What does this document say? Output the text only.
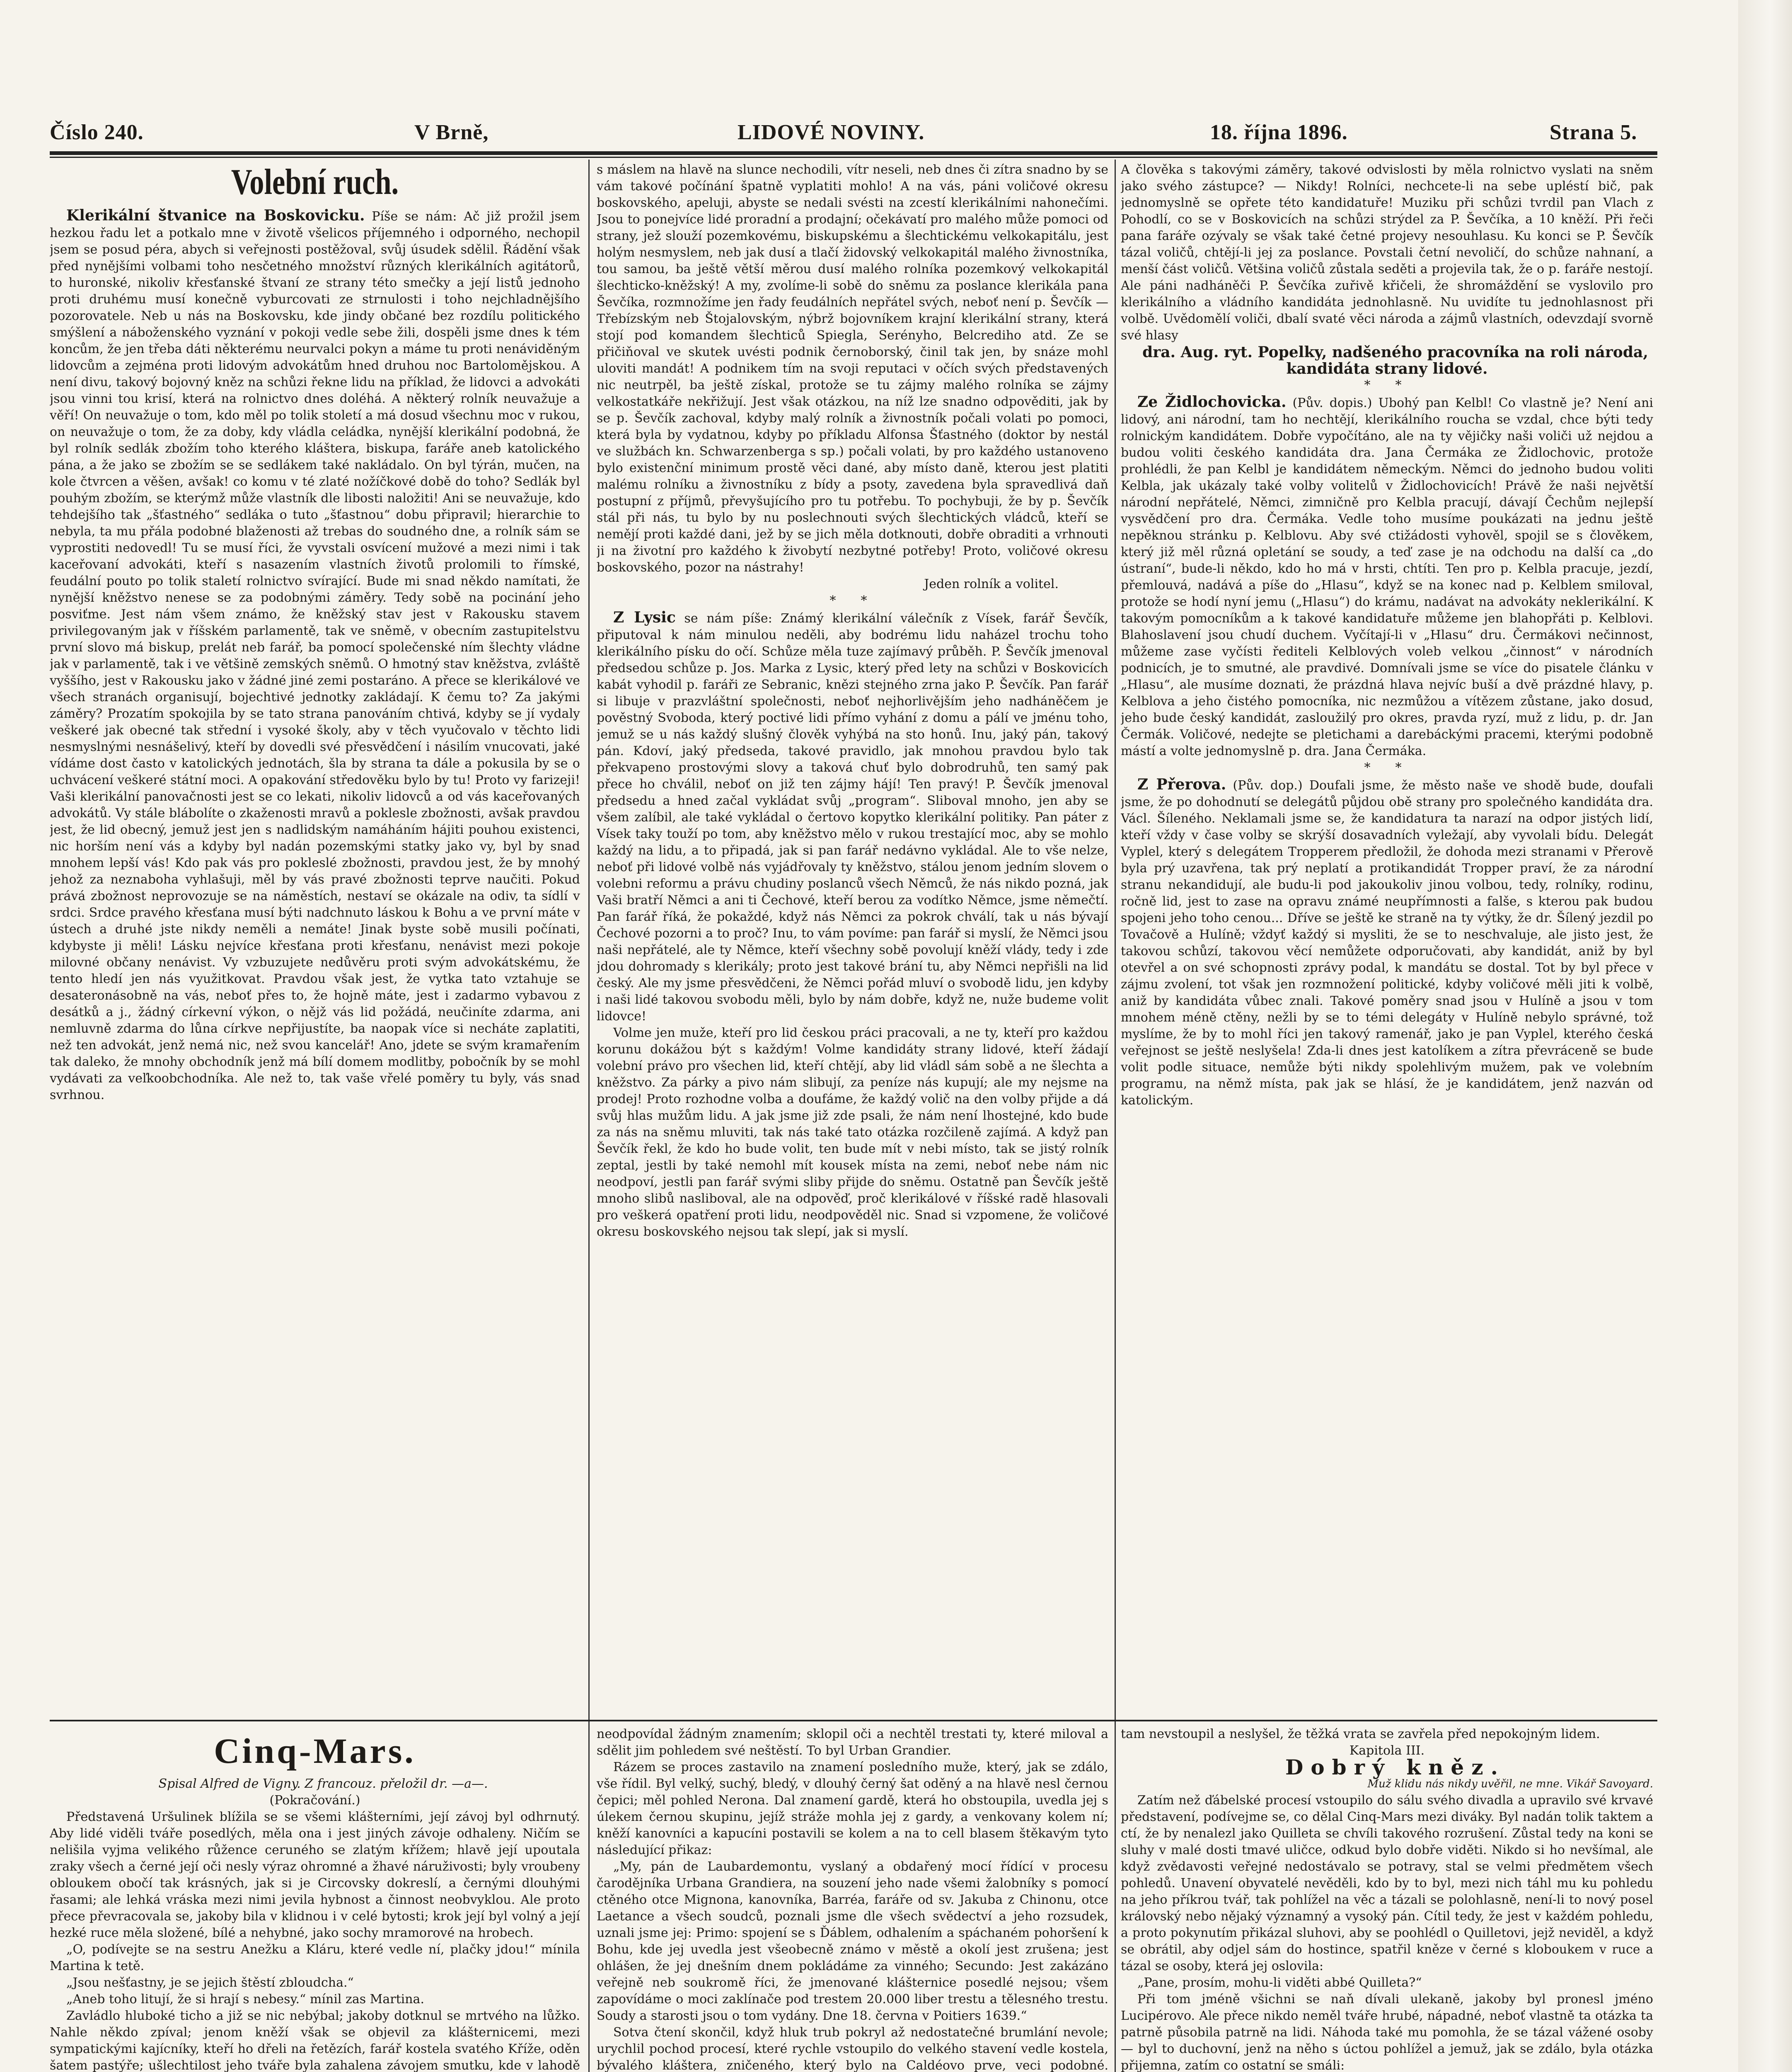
Číslo 240.	V Brně,	LIDOVÉ NOVINY.	18. října 1896.	Strana 5.
Volební ruch.

Klerikální štvanice na Boskovicku. Píše se nám: Ač již prožil jsem hezkou řadu let a potkalo mne v životě všelicos příjemného i odporného, nechopil jsem se posud péra, abych si veřejnosti postěžoval, svůj úsudek sdělil. Řádění však před nynějšími volbami toho nesčetného množství různých klerikálních agitátorů, to huronské, nikoliv křesťanské štvaní ze strany této smečky a její listů jednoho proti druhému musí konečně vyburcovati ze strnulosti i toho nejchladnějšího pozorovatele. Neb u nás na Boskovsku, kde jindy občané bez rozdílu politického smýšlení a náboženského vyznání v pokoji vedle sebe žili, dospěli jsme dnes k tém koncům, že jen třeba dáti některému neurvalci pokyn a máme tu proti nenáviděným lidovcům a zejména proti lidovým advokátům hned druhou noc Bartolomějskou. A není divu, takový bojovný kněz na schůzi řekne lidu na příklad, že lidovci a advokáti jsou vinni tou krisí, která na rolnictvo dnes doléhá. A některý rolník neuvažuje a věří! On neuvažuje o tom, kdo měl po tolik století a má dosud všechnu moc v rukou, on neuvažuje o tom, že za doby, kdy vládla celádka, nynější klerikální podobná, že byl rolník sedlák zbožím toho kterého kláštera, biskupa, faráře aneb katolického pána, a že jako se zbožím se se sedlákem také nakládalo. On byl týrán, mučen, na kole čtvrcen a věšen, avšak! co komu v té zlaté nožíčkové době do toho? Sedlák byl pouhým zbožím, se kterýmž může vlastník dle libosti naložiti! Ani se neuvažuje, kdo tehdejšího tak „šťastného“ sedláka o tuto „šťastnou“ dobu připravil; hierarchie to nebyla, ta mu přála podobné blaženosti až trebas do soudného dne, a rolník sám se vyprostiti nedovedl! Tu se musí říci, že vyvstali osvícení mužové a mezi nimi i tak kaceřovaní advokáti, kteří s nasazením vlastních životů prolomili to římské, feudální pouto po tolik staletí rolnictvo svírající. Bude mi snad někdo namítati, že nynější kněžstvo nenese se za podobnými záměry. Tedy sobě na pocinání jeho posviťme. Jest nám všem známo, že kněžský stav jest v Rakousku stavem privilegovaným jak v říšském parlamentě, tak ve sněmě, v obecním zastupitelstvu první slovo má biskup, prelát neb farář, ba pomocí společenské ním šlechty vládne jak v parlamentě, tak i ve většině zemských sněmů. O hmotný stav kněžstva, zvláště vyššího, jest v Rakousku jako v žádné jiné zemi postaráno. A přece se klerikálové ve všech stranách organisují, bojechtivé jednotky zakládají. K čemu to? Za jakými záměry? Prozatím spokojila by se tato strana panováním chtivá, kdyby se jí vydaly veškeré jak obecné tak střední i vysoké školy, aby v těch vyučovalo v těchto lidi nesmyslnými nesnášelivý, kteří by dovedli své přesvědčení i násilím vnucovati, jaké vídáme dost často v katolických jednotách, šla by strana ta dále a pokusila by se o uchvácení veškeré státní moci. A opakování středověku bylo by tu! Proto vy farizeji! Vaši klerikální panovačnosti jest se co lekati, nikoliv lidovců a od vás kaceřovaných advokátů. Vy stále blábolíte o zkaženosti mravů a poklesle zbožnosti, avšak pravdou jest, že lid obecný, jemuž jest jen s nadlidským namáháním hájiti pouhou existenci, nic horším není vás a kdyby byl nadán pozemskými statky jako vy, byl by snad mnohem lepší vás! Kdo pak vás pro pokleslé zbožnosti, pravdou jest, že by mnohý jehož za neznaboha vyhlašuji, měl by vás pravé zbožnosti teprve naučiti. Pokud prává zbožnost neprovozuje se na náměstích, nestaví se okázale na odiv, ta sídlí v srdci. Srdce pravého křesťana musí býti nadchnuto láskou k Bohu a ve první máte v ústech a druhé jste nikdy neměli a nemáte! Jinak byste sobě musili počínati, kdybyste ji měli! Lásku nejvíce křesťana proti křesťanu, nenávist mezi pokoje milovné občany nenávist. Vy vzbuzujete nedůvěru proti svým advokátskému, že tento hledí jen nás využitkovat. Pravdou však jest, že vytka tato vztahuje se desateronásobně na vás, neboť přes to, že hojně máte, jest i zadarmo vybavou z desátků a j., žádný církevní výkon, o nějž vás lid požádá, neučiníte zdarma, ani nemluvně zdarma do lůna církve nepřijustíte, ba naopak více si necháte zaplatiti, než ten advokát, jenž nemá nic, než svou kancelář! Ano, jdete se svým kramařením tak daleko, že mnohy obchodník jenž má bílí domem modlitby, pobočník by se mohl vydávati za veľkoobchodníka. Ale než to, tak vaše vřelé poměry tu byly, vás snad svrhnou.

Cinq-Mars.

Spisal Alfred de Vigny. Z francouz. přeložil dr. —a—.

(Pokračování.)

Představená Uršulinek blížila se se všemi klášterními, její závoj byl odhrnutý. Aby lidé viděli tváře posedlých, měla ona i jest jiných závoje odhaleny. Ničím se nelišila vyjma velikého růžence ceruného se zlatým křížem; hlavě její upoutala zraky všech a černé její oči nesly výraz ohromné a žhavé náruživosti; byly vroubeny obloukem obočí tak krásných, jak si je Circovsky dokreslí, a černými dlouhými řasami; ale lehká vráska mezi nimi jevila hybnost a činnost neobvyklou. Ale proto přece převracovala se, jakoby bila v klidnou i v celé bytosti; krok její byl volný a její hezké ruce měla složené, bílé a nehybné, jako sochy mramorové na hrobech.

„O, podívejte se na sestru Anežku a Kláru, které vedle ní, plačky jdou!“ mínila Martina k tetě.

„Jsou nešťastny, je se jejich štěstí zbloudcha.“

„Aneb toho litují, že si hrají s nebesy.“ mínil zas Martina.

Zavládlo hluboké ticho a již se nic nebýbal; jakoby dotknul se mrtvého na lůžko. Nahle někdo zpíval; jenom kněží však se objevil za klášternicemi, mezi sympatickými kajícníky, kteří ho dřeli na řetězích, farář kostela svatého Kříže, oděn šatem pastýře; ušlechtilost jeho tváře byla zahalena závojem smutku, kde v lahodě

s máslem na hlavě na slunce nechodili, vítr neseli, neb dnes či zítra snadno by se vám takové počínání špatně vyplatiti mohlo! A na vás, páni voličové okresu boskovského, apeluji, abyste se nedali svésti na zcestí klerikálními nahonečími. Jsou to ponejvíce lidé proradní a prodajní; očekávatí pro malého může pomoci od strany, jež slouží pozemkovému, biskupskému a šlechtickému velkokapitálu, jest holým nesmyslem, neb jak dusí a tlačí židovský velkokapitál malého živnostníka, tou samou, ba ještě větší měrou dusí malého rolníka pozemkový velkokapitál šlechticko-kněžský! A my, zvolíme-li sobě do sněmu za poslance klerikála pana Ševčíka, rozmnožíme jen řady feudálních nepřátel svých, neboť není p. Ševčík — Třebízským neb Štojalovským, nýbrž bojovníkem krajní klerikální strany, která stojí pod komandem šlechticů Spiegla, Serényho, Belcrediho atd. Ze se přičiňoval ve skutek uvésti podnik černoborský, činil tak jen, by snáze mohl uloviti mandát! A podnikem tím na svoji reputaci v očích svých představených nic neutrpěl, ba ještě získal, protože se tu zájmy malého rolníka se zájmy velkostatkáře nekřižují. Jest však otázkou, na níž lze snadno odpověditi, jak by se p. Ševčík zachoval, kdyby malý rolník a živnostník počali volati po pomoci, která byla by vydatnou, kdyby po příkladu Alfonsa Šťastného (doktor by nestál ve službách kn. Schwarzenberga s sp.) počali volati, by pro každého ustanoveno bylo existenční minimum prostě věci dané, aby místo daně, kterou jest platiti malému rolníku a živnostníku z bídy a psoty, zavedena byla spravedlivá daň postupní z příjmů, převyšujícího pro tu potřebu. To pochybuji, že by p. Ševčík stál při nás, tu bylo by nu poslechnouti svých šlechtických vládců, kteří se nemějí proti každé dani, jež by se jich měla dotknouti, dobře obraditi a vrhnouti ji na životní pro každého k živobytí nezbytné potřeby! Proto, voličové okresu boskovského, pozor na nástrahy!

Jeden rolník a volitel.

**

Z Lysic se nám píše: Známý klerikální válečník z Vísek, farář Ševčík, připutoval k nám minulou neděli, aby bodrému lidu naházel trochu toho klerikálního písku do očí. Schůze měla tuze zajímavý průběh. P. Ševčík jmenoval předsedou schůze p. Jos. Marka z Lysic, který před lety na schůzi v Boskovicích kabát vyhodil p. faráři ze Sebranic, knězi stejného zrna jako P. Ševčík. Pan farář si libuje v prazvláštní společnosti, neboť nejhorlivějším jeho nadháněčem je pověstný Svoboda, který poctivé lidi přímo vyhání z domu a pálí ve jménu toho, jemuž se u nás každý slušný člověk vyhýbá na sto honů. Inu, jaký pán, takový pán. Kdoví, jaký předseda, takové pravidlo, jak mnohou pravdou bylo tak překvapeno prostovými slovy a taková chuť bylo dobrodruhů, ten samý pak přece ho chválil, neboť on již ten zájmy hájí! Ten pravý! P. Ševčík jmenoval předsedu a hned začal vykládat svůj „program“. Sliboval mnoho, jen aby se všem zalíbil, ale také vykládal o čertovo kopytko klerikální politiky. Pan páter z Vísek taky touží po tom, aby kněžstvo mělo v rukou trestající moc, aby se mohlo každý na lidu, a to připadá, jak si pan farář nedávno vykládal. Ale to vše nelze, neboť při lidové volbě nás vyjádřovaly ty kněžstvo, stálou jenom jedním slovem o volebni reformu a právu chudiny poslanců všech Němců, že nás nikdo pozná, jak Vaši bratří Němci a ani ti Čechové, kteří berou za vodítko Němce, jsme němečtí. Pan farář říká, že pokaždé, když nás Němci za pokrok chválí, tak u nás bývají Čechové pozorni a to proč? Inu, to vám povíme: pan farář si myslí, že Němci jsou naši nepřátelé, ale ty Němce, kteří všechny sobě povolují kněží vlády, tedy i zde jdou dohromady s klerikály; proto jest takové brání tu, aby Němci nepřišli na lid český. Ale my jsme přesvědčeni, že Němci pořád mluví o svobodě lidu, jen kdyby i naši lidé takovou svobodu měli, bylo by nám dobře, když ne, nuže budeme volit lidovce!

Volme jen muže, kteří pro lid českou práci pracovali, a ne ty, kteří pro každou korunu dokážou být s každým! Volme kandidáty strany lidové, kteří žádají volební právo pro všechen lid, kteří chtějí, aby lid vládl sám sobě a ne šlechta a kněžstvo. Za párky a pivo nám slibují, za peníze nás kupují; ale my nejsme na prodej! Proto rozhodne volba a doufáme, že každý volič na den volby přijde a dá svůj hlas mužům lidu. A jak jsme již zde psali, že nám není lhostejné, kdo bude za nás na sněmu mluviti, tak nás také tato otázka rozčileně zajímá. A když pan Ševčík řekl, že kdo ho bude volit, ten bude mít v nebi místo, tak se jistý rolník zeptal, jestli by také nemohl mít kousek místa na zemi, neboť nebe nám nic neodpoví, jestli pan farář svými sliby přijde do sněmu. Ostatně pan Ševčík ještě mnoho slibů nasliboval, ale na odpověď, proč klerikálové v říšské radě hlasovali pro veškerá opatření proti lidu, neodpověděl nic. Snad si vzpomene, že voličové okresu boskovského nejsou tak slepí, jak si myslí.

neodpovídal žádným znamením; sklopil oči a nechtěl trestati ty, které miloval a sdělit jim pohledem své neštěstí. To byl Urban Grandier.

Rázem se proces zastavilo na znamení posledního muže, který, jak se zdálo, vše řídil. Byl velký, suchý, bledý, v dlouhý černý šat oděný a na hlavě nesl černou čepici; měl pohled Nerona. Dal znamení gardě, která ho obstoupila, uvedla jej s úlekem černou skupinu, jejíž stráže mohla jej z gardy, a venkovany kolem ní; kněží kanovníci a kapucíni postavili se kolem a na to cell blasem štěkavým tyto následující přikaz:

„My, pán de Laubardemontu, vyslaný a obdařený mocí řídící v procesu čarodějníka Urbana Grandiera, na souzení jeho nade všemi žalobníky s pomocí ctěného otce Mignona, kanovníka, Barréa, faráře od sv. Jakuba z Chinonu, otce Laetance a všech soudců, poznali jsme dle všech svědectví a jeho rozsudek, uznali jsme jej: Primo: spojení se s Ďáblem, odhalením a spáchaném pohoršení k Bohu, kde jej uvedla jest všeobecně známo v městě a okolí jest zrušena; jest ohlášen, že jej dnešním dnem pokládáme za vinného; Secundo: Jest zakázáno veřejně neb soukromě říci, že jmenované klášternice posedlé nejsou; všem zapovídáme o moci zaklínače pod trestem 20.000 liber trestu a tělesného trestu. Soudy a starosti jsou o tom vydány. Dne 18. června v Poitiers 1639.“

Sotva čtení skončil, když hluk trub pokryl až nedostatečné brumlání nevole; urychlil pochod procesí, které rychle vstoupilo do velkého stavení vedle kostela, bývalého kláštera, zničeného, který bylo na Caldéovo prve, veci podobné.

A člověka s takovými záměry, takové odvislosti by měla rolnictvo vyslati na sněm jako svého zástupce? — Nikdy! Rolníci, nechcete-li na sebe upléstí bič, pak jednomyslně se opřete této kandidatuře! Muziku při schůzi tvrdil pan Vlach z Pohodlí, co se v Boskovicích na schůzi strýdel za P. Ševčíka, a 10 kněží. Při řeči pana faráře ozývaly se však také četné projevy nesouhlasu. Ku konci se P. Ševčík tázal voličů, chtějí-li jej za poslance. Povstali četní nevoličí, do schůze nahnaní, a menší část voličů. Většina voličů zůstala seděti a projevila tak, že o p. faráře nestojí. Ale páni nadháněči P. Ševčíka zuřivě křičeli, že shromáždění se vyslovilo pro klerikálního a vládního kandidáta jednohlasně. Nu uvidíte tu jednohlasnost při volbě. Uvědomělí voliči, dbalí svaté věci národa a zájmů vlastních, odevzdají svorně své hlasy

dra. Aug. ryt. Popelky, nadšeného pracovníka na roli národa, kandidáta strany lidové.

**

Ze Židlochovicka. (Pův. dopis.) Ubohý pan Kelbl! Co vlastně je? Není ani lidový, ani národní, tam ho nechtějí, klerikálního roucha se vzdal, chce býti tedy rolnickým kandidátem. Dobře vypočítáno, ale na ty vějičky naši voliči už nejdou a budou voliti českého kandidáta dra. Jana Čermáka ze Židlochovic, protože prohlédli, že pan Kelbl je kandidátem německým. Němci do jednoho budou voliti Kelbla, jak ukázaly také volby volitelů v Židlochovicích! Právě že naši největší národní nepřátelé, Němci, zimničně pro Kelbla pracují, dávají Čechům nejlepší vysvědčení pro dra. Čermáka. Vedle toho musíme poukázati na jednu ještě nepěknou stránku p. Kelblovu. Aby své ctižádosti vyhověl, spojil se s člověkem, který již měl různá opletání se soudy, a teď zase je na odchodu na další ca „do ústraní“, bude-li někdo, kdo ho má v hrsti, chtíti. Ten pro p. Kelbla pracuje, jezdí, přemlouvá, nadává a píše do „Hlasu“, když se na konec nad p. Kelblem smiloval, protože se hodí nyní jemu („Hlasu“) do krámu, nadávat na advokáty neklerikální. K takovým pomocníkům a k takové kandidatuře můžeme jen blahopřáti p. Kelblovi. Blahoslavení jsou chudí duchem. Vyčítají-li v „Hlasu“ dru. Čermákovi nečinnost, můžeme zase vyčísti řediteli Kelblových voleb velkou „činnost“ v národních podnicích, je to smutné, ale pravdivé. Domnívali jsme se více do pisatele článku v „Hlasu“, ale musíme doznati, že prázdná hlava nejvíc buší a dvě prázdné hlavy, p. Kelblova a jeho čistého pomocníka, nic nezmůžou a vítězem zůstane, jako dosud, jeho bude český kandidát, zasloužilý pro okres, pravda ryzí, muž z lidu, p. dr. Jan Čermák. Voličové, nedejte se pletichami a darebáckými pracemi, kterými podobně mástí a volte jednomyslně p. dra. Jana Čermáka.

**

Z Přerova. (Pův. dop.) Doufali jsme, že město naše ve shodě bude, doufali jsme, že po dohodnutí se delegátů půjdou obě strany pro společného kandidáta dra. Václ. Šíleného. Neklamali jsme se, že kandidatura ta narazí na odpor jistých lidí, kteří vždy v čase volby se skrýší dosavadních vyležají, aby vyvolali bídu. Delegát Vyplel, který s delegátem Tropperem předložil, že dohoda mezi stranami v Přerově byla prý uzavřena, tak prý neplatí a protikandidát Tropper praví, že za národní stranu nekandidují, ale budu-li pod jakoukoliv jinou volbou, tedy, rolníky, rodinu, ročně lid, jest to zase na opravu známé neupřímnosti a falše, s kterou pak budou spojeni jeho toho cenou... Dříve se ještě ke straně na ty výtky, že dr. Šílený jezdil po Tovačově a Hulíně; vždyť každý si mysliti, že se to neschvaluje, ale jisto jest, že takovou schůzí, takovou věcí nemůžete odporučovati, aby kandidát, aniž by byl otevřel a on své schopnosti zprávy podal, k mandátu se dostal. Tot by byl přece v zájmu zvolení, tot však jen rozmnožení politické, kdyby voličové měli jiti k volbě, aniž by kandidáta vůbec znali. Takové poměry snad jsou v Hulíně a jsou v tom mnohem méně ctěny, nežli by se to témi delegáty v Hulíně nebylo správné, tož myslíme, že by to mohl říci jen takový ramenář, jako je pan Vyplel, kterého česká veřejnost se ještě neslyšela! Zda-li dnes jest katolíkem a zítra převráceně se bude volit podle situace, nemůže býti nikdy spolehlivým mužem, pak ve volebním programu, na němž místa, pak jak se hlásí, že je kandidátem, jenž nazván od katolickým.

tam nevstoupil a neslyšel, že těžká vrata se zavřela před nepokojným lidem.

Kapitola III.

Dobrý kněz.

Muž klidu nás nikdy uvěřil, ne mne. Vikář Savoyard.

Zatím než ďábelské procesí vstoupilo do sálu svého divadla a upravilo své krvavé představení, podívejme se, co dělal Cinq-Mars mezi diváky. Byl nadán tolik taktem a ctí, že by nenalezl jako Quilleta se chvíli takového rozrušení. Zůstal tedy na koni se sluhy v malé dosti tmavé uličce, odkud bylo dobře viděti. Nikdo si ho nevšímal, ale když zvědavosti veřejné nedostávalo se potravy, stal se velmi předmětem všech pohledů. Unavení obyvatelé nevěděli, kdo by to byl, mezi nich táhl mu ku pohledu na jeho příkrou tvář, tak pohlížel na věc a tázali se polohlasně, není-li to nový posel královský nebo nějaký významný a vysoký pán. Cítil tedy, že jest v každém pohledu, a proto pokynutím přikázal sluhovi, aby se poohlédl o Quilletovi, jejž neviděl, a když se obrátil, aby odjel sám do hostince, spatřil kněze v černé s kloboukem v ruce a tázal se osoby, která jej oslovila:

„Pane, prosím, mohu-li viděti abbé Quilleta?“

Při tom jméně všichni se naň dívali ulekaně, jakoby byl pronesl jméno Lucipérovo. Ale přece nikdo neměl tváře hrubé, nápadné, neboť vlastně ta otázka ta patrně působila patrně na lidi. Náhoda také mu pomohla, že se tázal vážené osoby — byl to duchovní, jenž na něho s úctou pohlížel a jemuž, jak se zdálo, byla otázka přijemna, zatím co ostatní se smáli:
